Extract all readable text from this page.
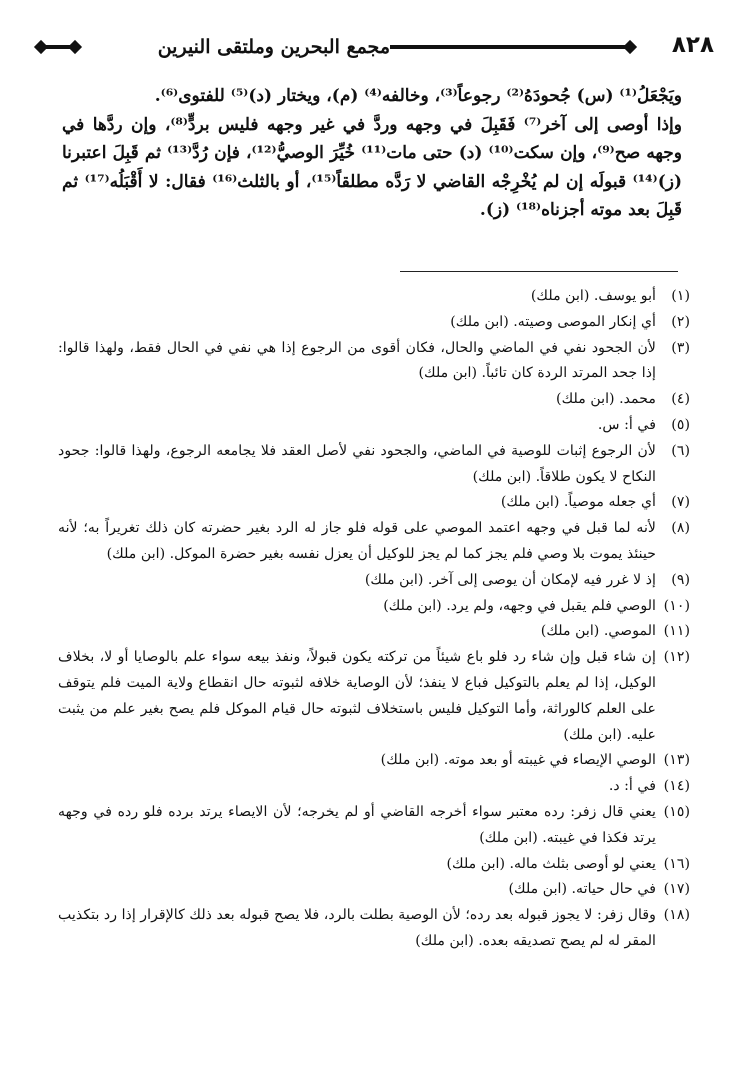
٨٢٨
مجمع البحرين وملتقى النيرين

ويَجْعَلُ⁽¹⁾ (س) جُحودَهُ⁽²⁾ رجوعاً⁽³⁾، وخالفه⁽⁴⁾ (م)، ويختار (د)⁽⁵⁾ للفتوى⁽⁶⁾.

وإذا أوصى إلى آخر⁽⁷⁾ فَقَبِلَ في وجهه وردَّ في غير وجهه فليس بردٍّ⁽⁸⁾، وإن ردَّها في وجهه صح⁽⁹⁾، وإن سكت⁽¹⁰⁾ (د) حتى مات⁽¹¹⁾ خُيِّرَ الوصيُّ⁽¹²⁾، فإن رُدَّ⁽¹³⁾ ثم قَبِلَ اعتبرنا (ز)⁽¹⁴⁾ قبولَه إن لم يُخْرِجْه القاضي لا رَدَّه مطلقاً⁽¹⁵⁾، أو بالثلث⁽¹⁶⁾ فقال: لا أَقْبَلُه⁽¹⁷⁾ ثم قَبِلَ بعد موته أجزناه⁽¹⁸⁾ (ز).

(١)
أبو يوسف. (ابن ملك)
(٢)
أي إنكار الموصى وصيته. (ابن ملك)
(٣)
لأن الجحود نفي في الماضي والحال، فكان أقوى من الرجوع إذا هي نفي في الحال فقط، ولهذا قالوا: إذا جحد المرتد الردة كان تائباً. (ابن ملك)
(٤)
محمد. (ابن ملك)
(٥)
في أ: س.
(٦)
لأن الرجوع إثبات للوصية في الماضي، والجحود نفي لأصل العقد فلا يجامعه الرجوع، ولهذا قالوا: جحود النكاح لا يكون طلاقاً. (ابن ملك)
(٧)
أي جعله موصياً. (ابن ملك)
(٨)
لأنه لما قبل في وجهه اعتمد الموصي على قوله فلو جاز له الرد بغير حضرته كان ذلك تغريراً به؛ لأنه حينئذ يموت بلا وصي فلم يجز كما لم يجز للوكيل أن يعزل نفسه بغير حضرة الموكل. (ابن ملك)
(٩)
إذ لا غرر فيه لإمكان أن يوصى إلى آخر. (ابن ملك)
(١٠)
الوصي فلم يقبل في وجهه، ولم يرد. (ابن ملك)
(١١)
الموصي. (ابن ملك)
(١٢)
إن شاء قبل وإن شاء رد فلو باع شيئاً من تركته يكون قبولاً، ونفذ بيعه سواء علم بالوصايا أو لا، بخلاف الوكيل، إذا لم يعلم بالتوكيل فباع لا ينفذ؛ لأن الوصاية خلافه لثبوته حال انقطاع ولاية الميت فلم يتوقف على العلم كالوراثة، وأما التوكيل فليس باستخلاف لثبوته حال قيام الموكل فلم يصح بغير علم من يثبت عليه. (ابن ملك)
(١٣)
الوصي الإيصاء في غيبته أو بعد موته. (ابن ملك)
(١٤)
في أ: د.
(١٥)
يعني قال زفر: رده معتبر سواء أخرجه القاضي أو لم يخرجه؛ لأن الايصاء يرتد برده فلو رده في وجهه يرتد فكذا في غيبته. (ابن ملك)
(١٦)
يعني لو أوصى بثلث ماله. (ابن ملك)
(١٧)
في حال حياته. (ابن ملك)
(١٨)
وقال زفر: لا يجوز قبوله بعد رده؛ لأن الوصية بطلت بالرد، فلا يصح قبوله بعد ذلك كالإقرار إذا رد بتكذيب المقر له لم يصح تصديقه بعده. (ابن ملك)
